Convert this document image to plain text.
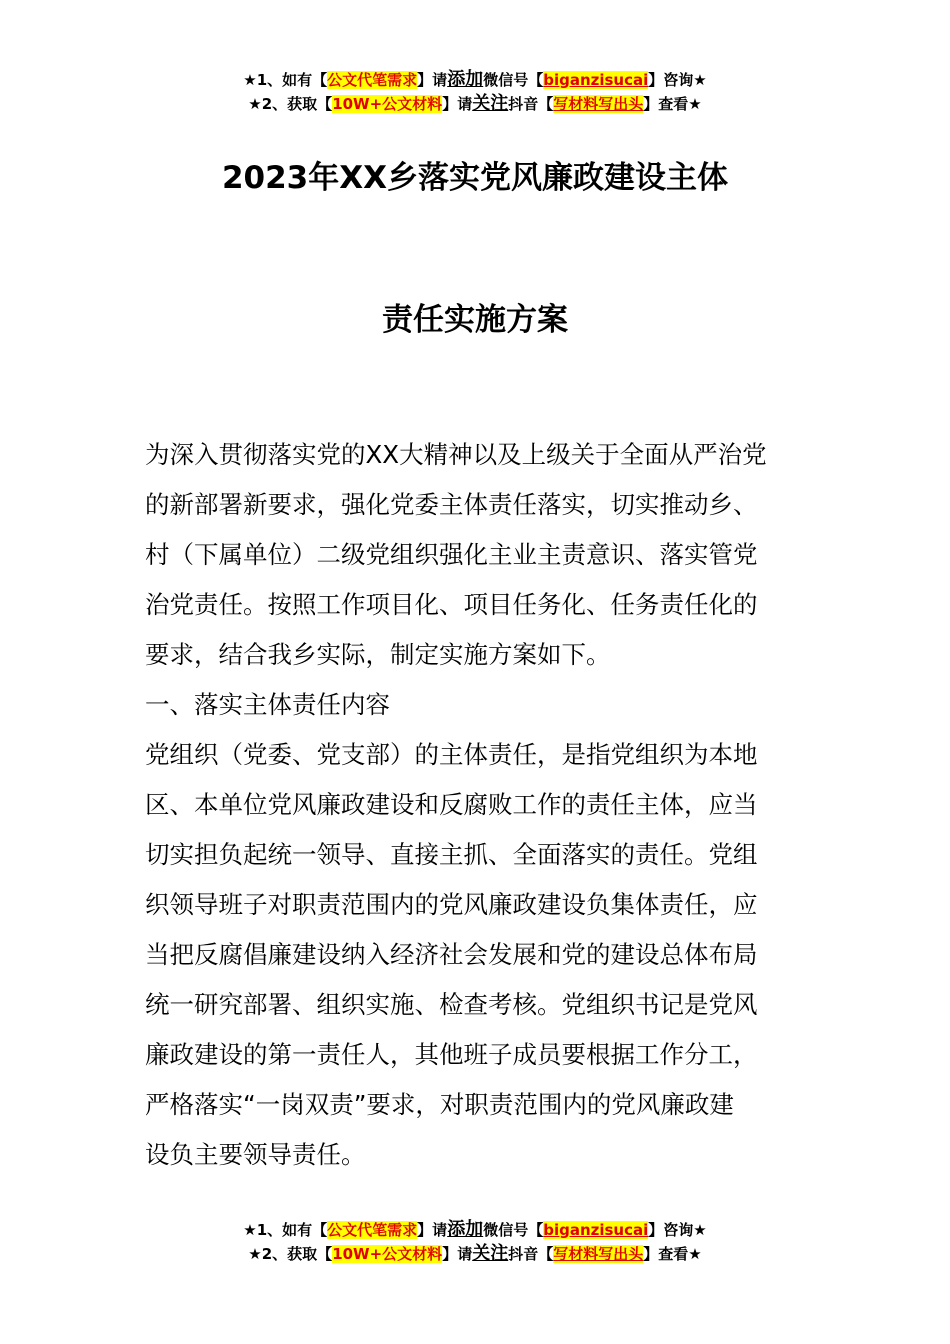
★1、如有【公文代笔需求】请添加微信号【biganzisucai】咨询★
★2、获取【10W+公文材料】请关注抖音【写材料写出头】查看★
2023年XX乡落实党风廉政建设主体
责任实施方案
为深入贯彻落实党的XX大精神以及上级关于全面从严治党
的新部署新要求，强化党委主体责任落实，切实推动乡、
村（下属单位）二级党组织强化主业主责意识、落实管党
治党责任。按照工作项目化、项目任务化、任务责任化的
要求，结合我乡实际，制定实施方案如下。
一、落实主体责任内容
党组织（党委、党支部）的主体责任，是指党组织为本地
区、本单位党风廉政建设和反腐败工作的责任主体，应当
切实担负起统一领导、直接主抓、全面落实的责任。党组
织领导班子对职责范围内的党风廉政建设负集体责任，应
当把反腐倡廉建设纳入经济社会发展和党的建设总体布局
统一研究部署、组织实施、检查考核。党组织书记是党风
廉政建设的第一责任人，其他班子成员要根据工作分工，
严格落实“一岗双责”要求，对职责范围内的党风廉政建
设负主要领导责任。
★1、如有【公文代笔需求】请添加微信号【biganzisucai】咨询★
★2、获取【10W+公文材料】请关注抖音【写材料写出头】查看★
